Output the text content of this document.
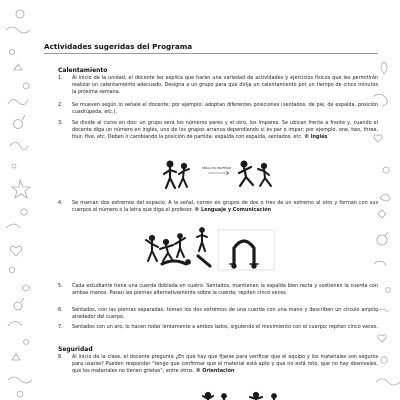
Actividades sugeridas del Programa
Calentamiento
1.	Al inicio de la unidad, el docente les explica que harán una variedad de actividades y ejercicios físicos que les permitirán realizar un calentamiento adecuado. Designa a un grupo para que dirija un calentamiento por un tiempo de cinco minutos la próxima semana.
2.	Se mueven según lo señale el docente; por ejemplo: adoptan diferentes posiciones (sentados, de pie, de espalda, posición cuadrúpeda, etc.).
3.	Se divide al curso en dos: un grupo será los números pares y el otro, los impares. Se ubican frente a frente y, cuando el docente diga un número en inglés, uno de los grupos arranca dependiendo si es par o impar; por ejemplo, one, two, three, four, five, etc. Deben ir cambiando la posición de partida: espalda con espalda, sentados, etc. ® Inglés
SEÑAL DEL PROFESOR
4.	Se marcan dos extremos del espacio. A la señal, corren en grupos de dos o tres de un extremo al otro y forman con sus cuerpos el número o la letra que diga el profesor. ® Lenguaje y Comunicación
5.	Cada estudiante tiene una cuerda doblada en cuatro. Sentados, mantienen la espalda bien recta y sostienen la cuerda con ambas manos. Pasan las piernas alternativamente sobre la cuerda; repiten cinco veces.
6.	Sentados, con las piernas separadas, toman los dos extremos de una cuerda con una mano y describen un círculo amplio alrededor del cuerpo.
7.	Sentados con un aro, lo hacen rodar lentamente a ambos lados, siguiendo el movimiento con el cuerpo; repiten cinco veces.
Seguridad
8.	Al inicio de la clase, el docente pregunta ¿En qué hay que fijarse para verificar que el equipo y los materiales son seguros para usarse? Pueden responder "tengo que confirmar que el material está apto y que no está roto, que no hay desniveles, que los materiales no tienen grietas", entre otros. ® Orientación
